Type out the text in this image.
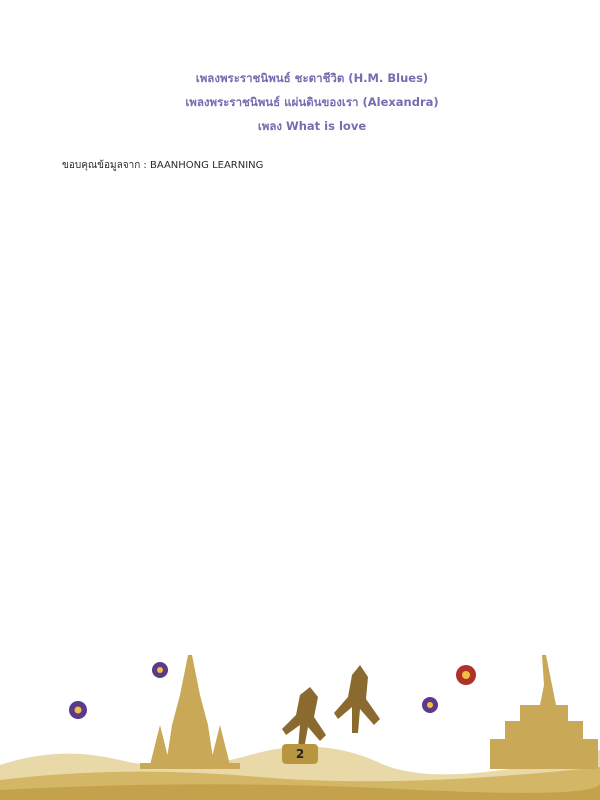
เพลงพระราชนิพนธ์ ชะตาชีวิต (H.M. Blues)

เพลงพระราชนิพนธ์ แผ่นดินของเรา (Alexandra)

เพลง What is love

ขอบคุณข้อมูลจาก : BAANHONG LEARNING
2
